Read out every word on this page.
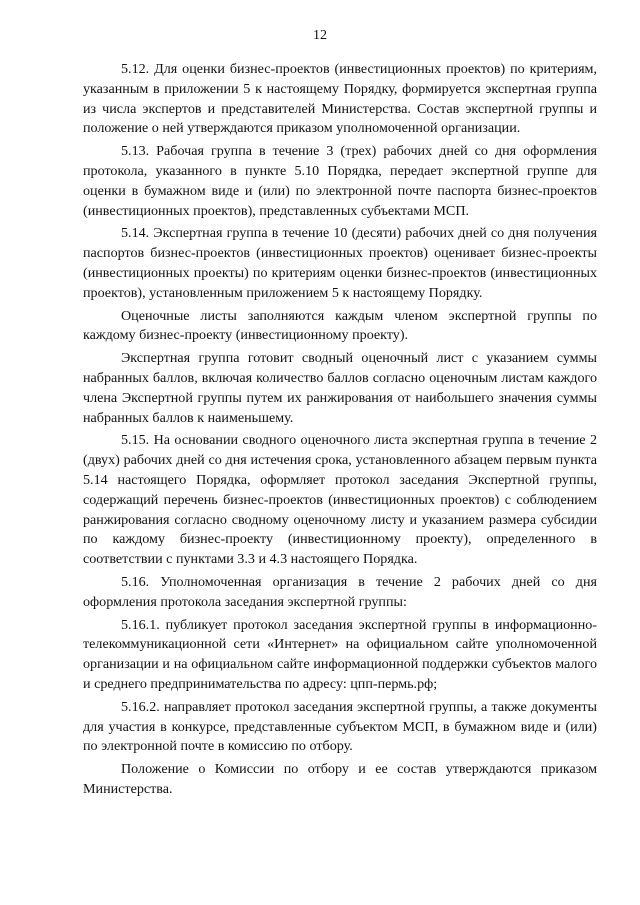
12

5.12. Для оценки бизнес-проектов (инвестиционных проектов) по критериям, указанным в приложении 5 к настоящему Порядку, формируется экспертная группа из числа экспертов и представителей Министерства. Состав экспертной группы и положение о ней утверждаются приказом уполномоченной организации.

5.13. Рабочая группа в течение 3 (трех) рабочих дней со дня оформления протокола, указанного в пункте 5.10 Порядка, передает экспертной группе для оценки в бумажном виде и (или) по электронной почте паспорта бизнес-проектов (инвестиционных проектов), представленных субъектами МСП.

5.14. Экспертная группа в течение 10 (десяти) рабочих дней со дня получения паспортов бизнес-проектов (инвестиционных проектов) оценивает бизнес-проекты (инвестиционных проекты) по критериям оценки бизнес-проектов (инвестиционных проектов), установленным приложением 5 к настоящему Порядку.

Оценочные листы заполняются каждым членом экспертной группы по каждому бизнес-проекту (инвестиционному проекту).

Экспертная группа готовит сводный оценочный лист с указанием суммы набранных баллов, включая количество баллов согласно оценочным листам каждого члена Экспертной группы путем их ранжирования от наибольшего значения суммы набранных баллов к наименьшему.

5.15. На основании сводного оценочного листа экспертная группа в течение 2 (двух) рабочих дней со дня истечения срока, установленного абзацем первым пункта 5.14 настоящего Порядка, оформляет протокол заседания Экспертной группы, содержащий перечень бизнес-проектов (инвестиционных проектов) с соблюдением ранжирования согласно сводному оценочному листу и указанием размера субсидии по каждому бизнес-проекту (инвестиционному проекту), определенного в соответствии с пунктами 3.3 и 4.3 настоящего Порядка.

5.16. Уполномоченная организация в течение 2 рабочих дней со дня оформления протокола заседания экспертной группы:

5.16.1. публикует протокол заседания экспертной группы в информационно-телекоммуникационной сети «Интернет» на официальном сайте уполномоченной организации и на официальном сайте информационной поддержки субъектов малого и среднего предпринимательства по адресу: цпп-пермь.рф;

5.16.2. направляет протокол заседания экспертной группы, а также документы для участия в конкурсе, представленные субъектом МСП, в бумажном виде и (или) по электронной почте в комиссию по отбору.

Положение о Комиссии по отбору и ее состав утверждаются приказом Министерства.
